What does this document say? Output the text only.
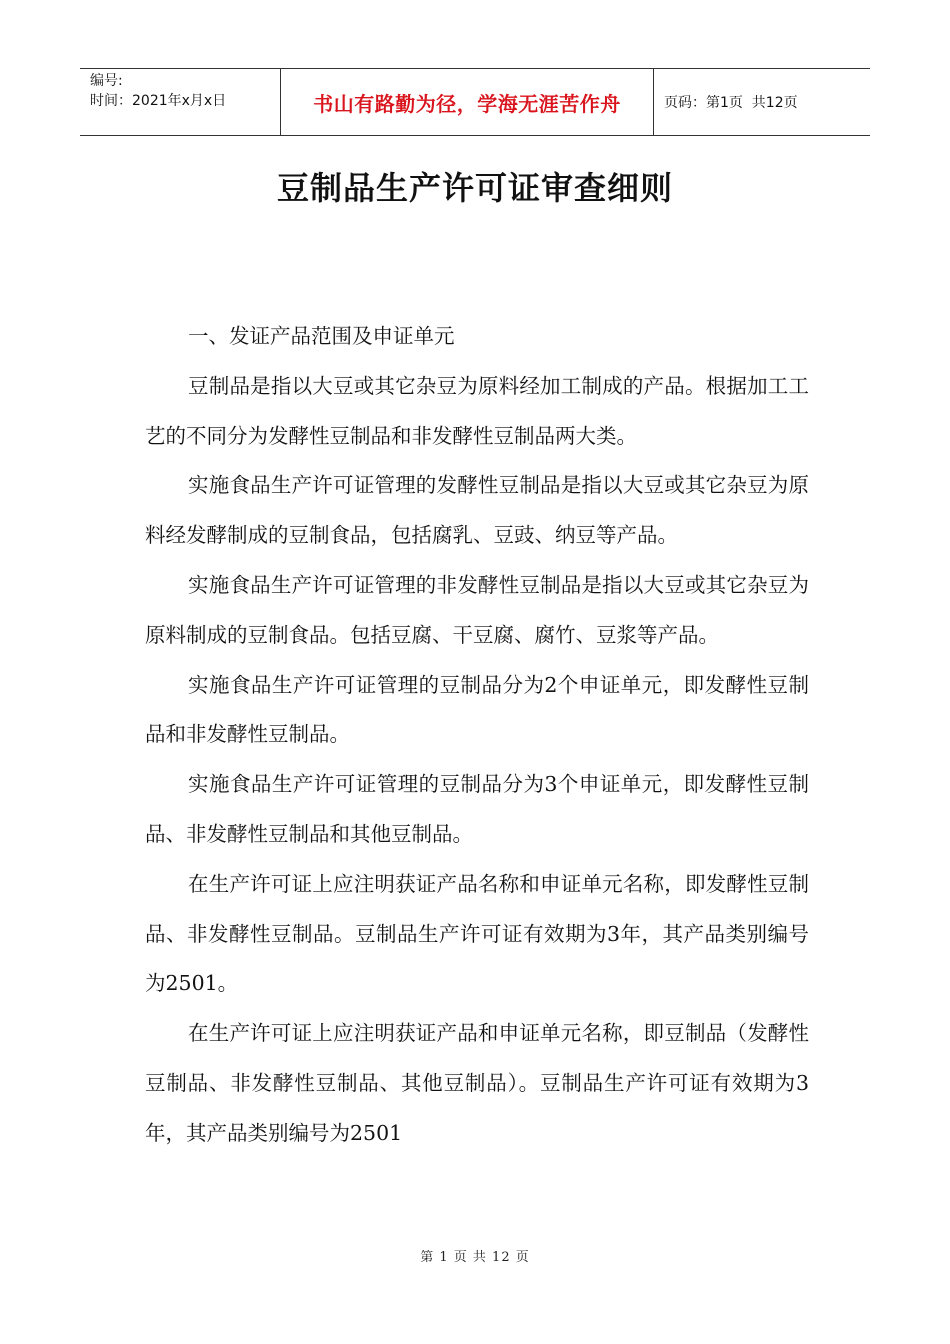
编号:
时间：2021年x月x日	书山有路勤为径，学海无涯苦作舟	页码：第1页  共12页
豆制品生产许可证审查细则

一、发证产品范围及申证单元

豆制品是指以大豆或其它杂豆为原料经加工制成的产品。根据加工工艺的不同分为发酵性豆制品和非发酵性豆制品两大类。

实施食品生产许可证管理的发酵性豆制品是指以大豆或其它杂豆为原料经发酵制成的豆制食品，包括腐乳、豆豉、纳豆等产品。

实施食品生产许可证管理的非发酵性豆制品是指以大豆或其它杂豆为原料制成的豆制食品。包括豆腐、干豆腐、腐竹、豆浆等产品。

实施食品生产许可证管理的豆制品分为2个申证单元，即发酵性豆制品和非发酵性豆制品。

实施食品生产许可证管理的豆制品分为3个申证单元，即发酵性豆制品、非发酵性豆制品和其他豆制品。

在生产许可证上应注明获证产品名称和申证单元名称，即发酵性豆制品、非发酵性豆制品。豆制品生产许可证有效期为3年，其产品类别编号为2501。

在生产许可证上应注明获证产品和申证单元名称，即豆制品（发酵性豆制品、非发酵性豆制品、其他豆制品）。豆制品生产许可证有效期为3年，其产品类别编号为2501

第 1 页 共 12 页
